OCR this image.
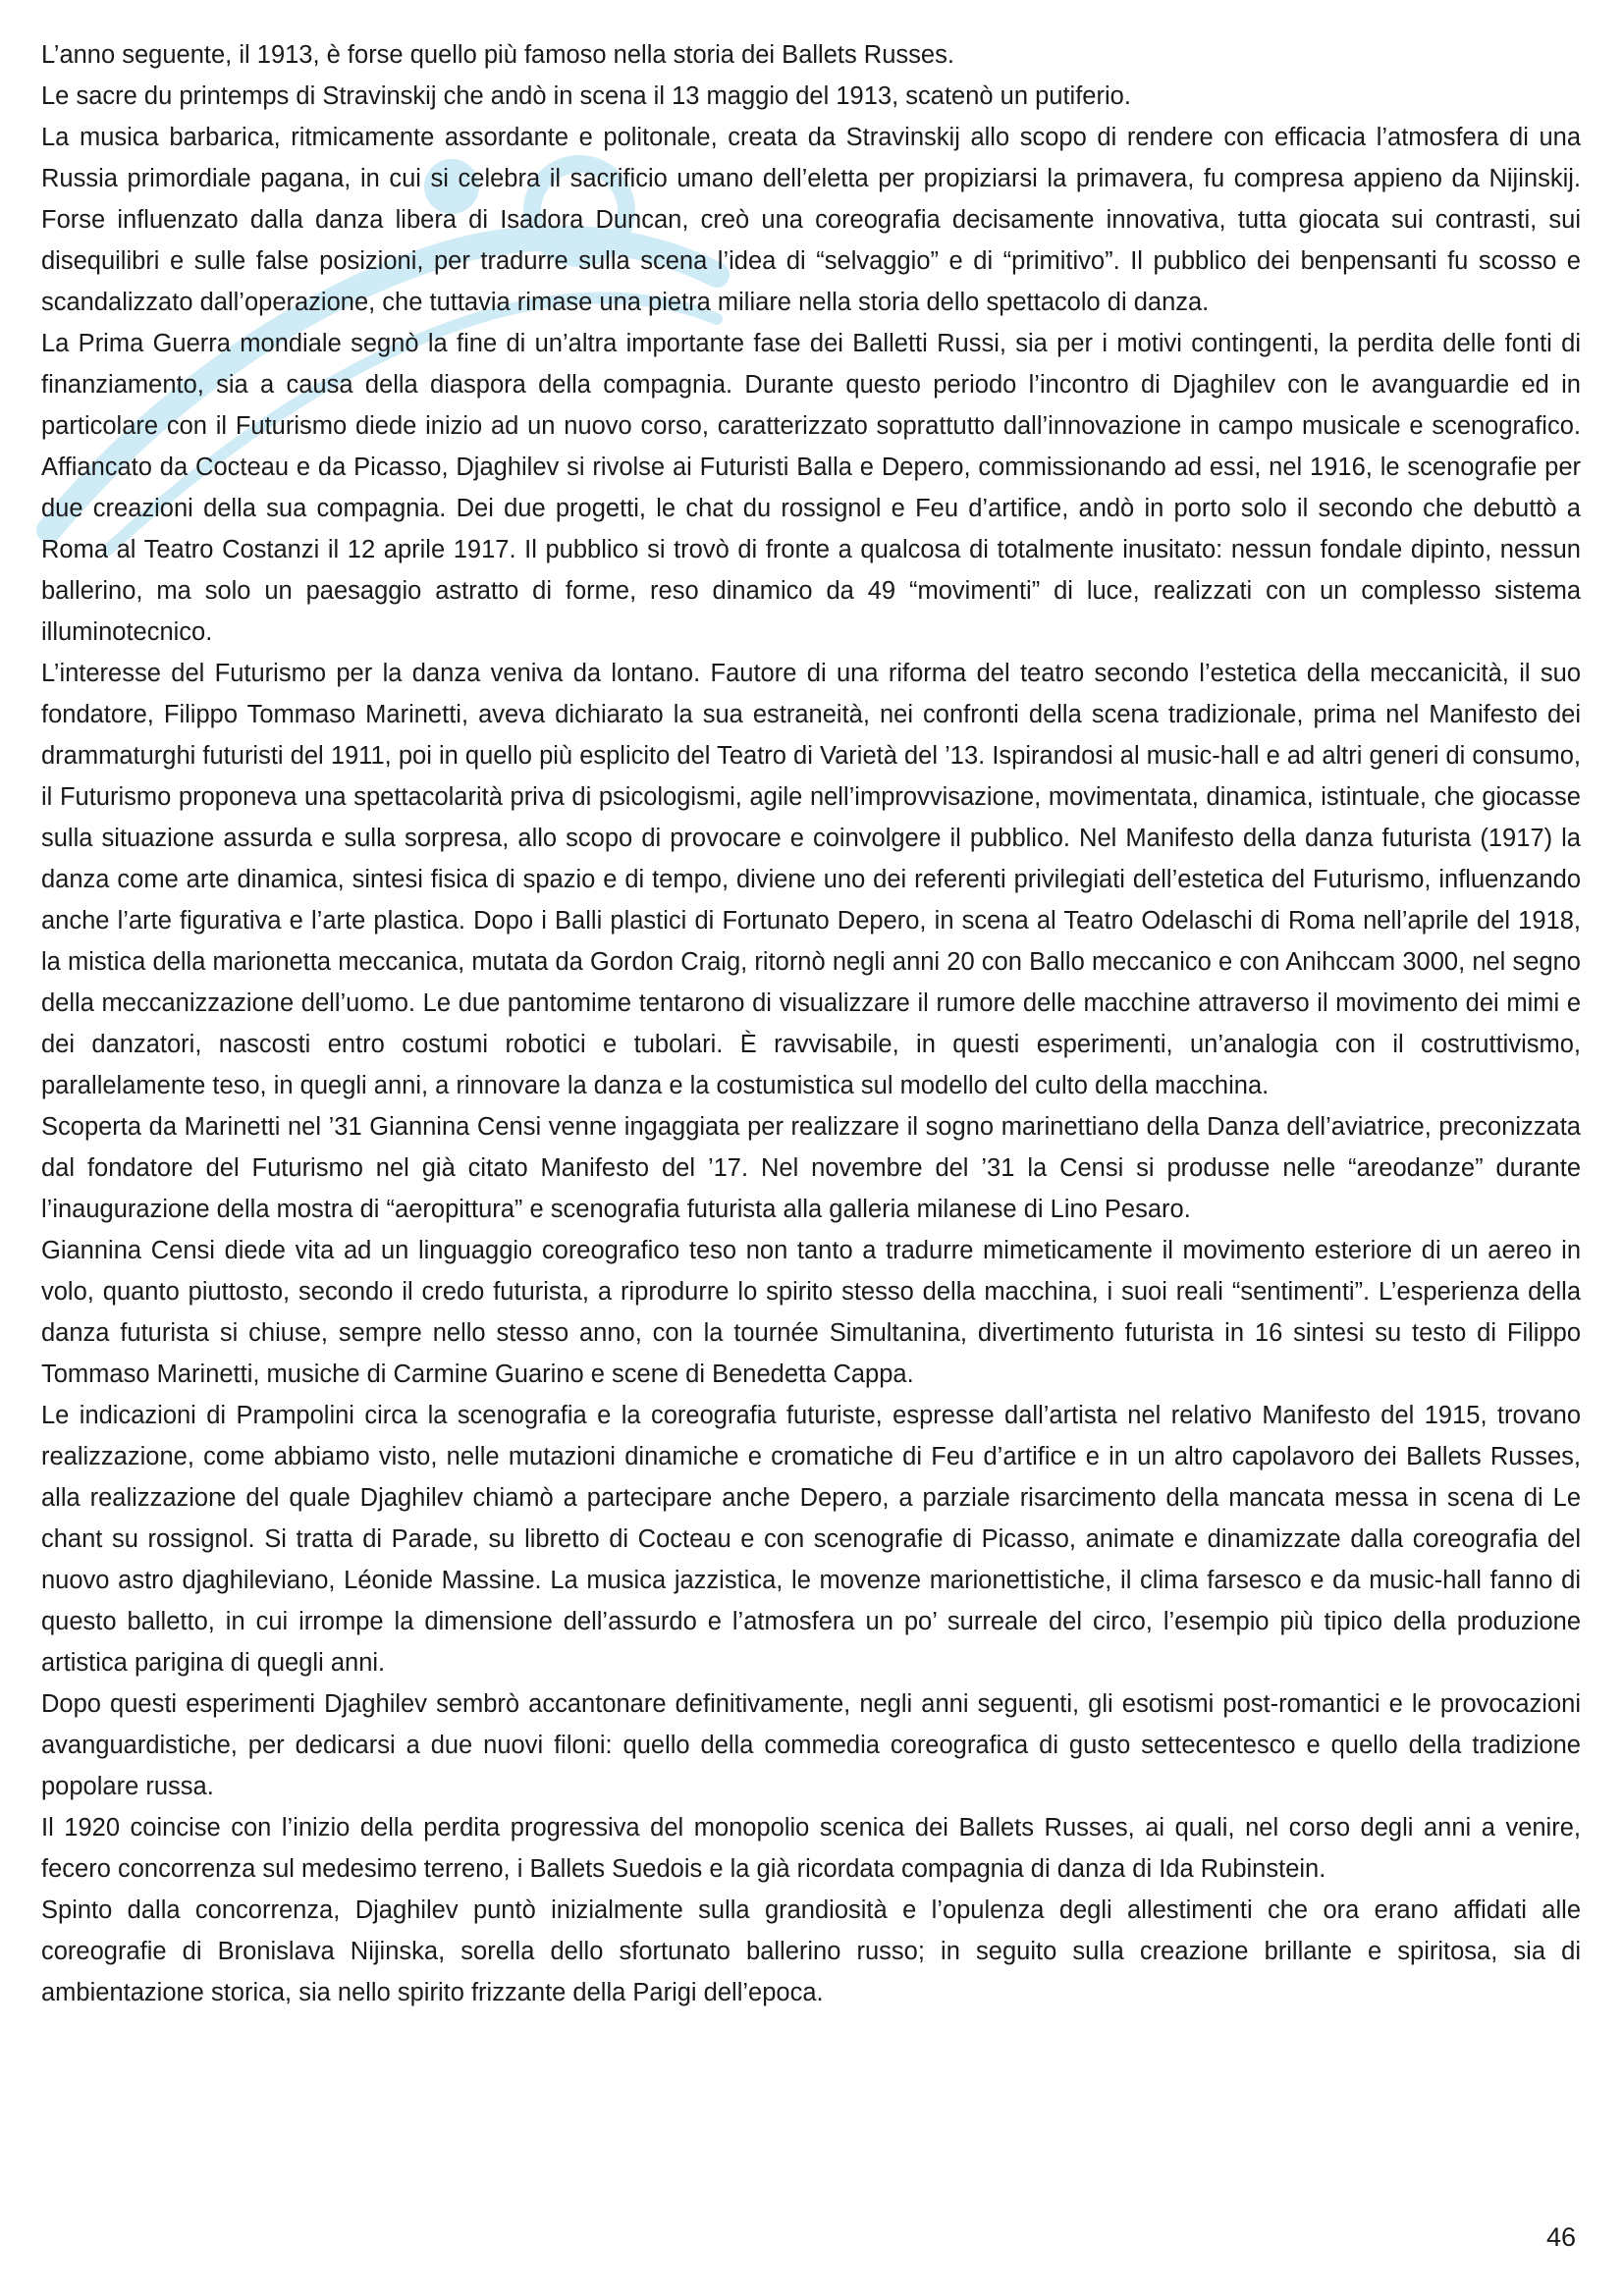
L’anno seguente, il 1913, è forse quello più famoso nella storia dei Ballets Russes.

Le sacre du printemps di Stravinskij che andò in scena il 13 maggio del 1913, scatenò un putiferio.

La musica barbarica, ritmicamente assordante e politonale, creata da Stravinskij allo scopo di rendere con efficacia l’atmosfera di una Russia primordiale pagana, in cui si celebra il sacrificio umano dell’eletta per propiziarsi la primavera, fu compresa appieno da Nijinskij. Forse influenzato dalla danza libera di Isadora Duncan, creò una coreografia decisamente innovativa, tutta giocata sui contrasti, sui disequilibri e sulle false posizioni, per tradurre sulla scena l’idea di “selvaggio” e di “primitivo”. Il pubblico dei benpensanti fu scosso e scandalizzato dall’operazione, che tuttavia rimase una pietra miliare nella storia dello spettacolo di danza.

La Prima Guerra mondiale segnò la fine di un’altra importante fase dei Balletti Russi, sia per i motivi contingenti, la perdita delle fonti di finanziamento, sia a causa della diaspora della compagnia. Durante questo periodo l’incontro di Djaghilev con le avanguardie ed in particolare con il Futurismo diede inizio ad un nuovo corso, caratterizzato soprattutto dall’innovazione in campo musicale e scenografico. Affiancato da Cocteau e da Picasso, Djaghilev si rivolse ai Futuristi Balla e Depero, commissionando ad essi, nel 1916, le scenografie per due creazioni della sua compagnia. Dei due progetti, le chat du rossignol e Feu d’artifice, andò in porto solo il secondo che debuttò a Roma al Teatro Costanzi il 12 aprile 1917. Il pubblico si trovò di fronte a qualcosa di totalmente inusitato: nessun fondale dipinto, nessun ballerino, ma solo un paesaggio astratto di forme, reso dinamico da 49 “movimenti” di luce, realizzati con un complesso sistema illuminotecnico.

L’interesse del Futurismo per la danza veniva da lontano. Fautore di una riforma del teatro secondo l’estetica della meccanicità, il suo fondatore, Filippo Tommaso Marinetti, aveva dichiarato la sua estraneità, nei confronti della scena tradizionale, prima nel Manifesto dei drammaturghi futuristi del 1911, poi in quello più esplicito del Teatro di Varietà del ’13. Ispirandosi al music-hall e ad altri generi di consumo, il Futurismo proponeva una spettacolarità priva di psicologismi, agile nell’improvvisazione, movimentata, dinamica, istintuale, che giocasse sulla situazione assurda e sulla sorpresa, allo scopo di provocare e coinvolgere il pubblico. Nel Manifesto della danza futurista (1917) la danza come arte dinamica, sintesi fisica di spazio e di tempo, diviene uno dei referenti privilegiati dell’estetica del Futurismo, influenzando anche l’arte figurativa e l’arte plastica. Dopo i Balli plastici di Fortunato Depero, in scena al Teatro Odelaschi di Roma nell’aprile del 1918, la mistica della marionetta meccanica, mutata da Gordon Craig, ritornò negli anni 20 con Ballo meccanico e con Anihccam 3000, nel segno della meccanizzazione dell’uomo. Le due pantomime tentarono di visualizzare il rumore delle macchine attraverso il movimento dei mimi e dei danzatori, nascosti entro costumi robotici e tubolari. È ravvisabile, in questi esperimenti, un’analogia con il costruttivismo, parallelamente teso, in quegli anni, a rinnovare la danza e la costumistica sul modello del culto della macchina.

Scoperta da Marinetti nel ’31 Giannina Censi venne ingaggiata per realizzare il sogno marinettiano della Danza dell’aviatrice, preconizzata dal fondatore del Futurismo nel già citato Manifesto del ’17. Nel novembre del ’31 la Censi si produsse nelle “areodanze” durante l’inaugurazione della mostra di “aeropittura” e scenografia futurista alla galleria milanese di Lino Pesaro.

Giannina Censi diede vita ad un linguaggio coreografico teso non tanto a tradurre mimeticamente il movimento esteriore di un aereo in volo, quanto piuttosto, secondo il credo futurista, a riprodurre lo spirito stesso della macchina, i suoi reali “sentimenti”. L’esperienza della danza futurista si chiuse, sempre nello stesso anno, con la tournée Simultanina, divertimento futurista in 16 sintesi su testo di Filippo Tommaso Marinetti, musiche di Carmine Guarino e scene di Benedetta Cappa.

Le indicazioni di Prampolini circa la scenografia e la coreografia futuriste, espresse dall’artista nel relativo Manifesto del 1915, trovano realizzazione, come abbiamo visto, nelle mutazioni dinamiche e cromatiche di Feu d’artifice e in un altro capolavoro dei Ballets Russes, alla realizzazione del quale Djaghilev chiamò a partecipare anche Depero, a parziale risarcimento della mancata messa in scena di Le chant su rossignol. Si tratta di Parade, su libretto di Cocteau e con scenografie di Picasso, animate e dinamizzate dalla coreografia del nuovo astro djaghileviano, Léonide Massine. La musica jazzistica, le movenze marionettistiche, il clima farsesco e da music-hall fanno di questo balletto, in cui irrompe la dimensione dell’assurdo e l’atmosfera un po’ surreale del circo, l’esempio più tipico della produzione artistica parigina di quegli anni.

Dopo questi esperimenti Djaghilev sembrò accantonare definitivamente, negli anni seguenti, gli esotismi post-romantici e le provocazioni avanguardistiche, per dedicarsi a due nuovi filoni: quello della commedia coreografica di gusto settecentesco e quello della tradizione popolare russa.

Il 1920 coincise con l’inizio della perdita progressiva del monopolio scenica dei Ballets Russes, ai quali, nel corso degli anni a venire, fecero concorrenza sul medesimo terreno, i Ballets Suedois e la già ricordata compagnia di danza di Ida Rubinstein.

Spinto dalla concorrenza, Djaghilev puntò inizialmente sulla grandiosità e l’opulenza degli allestimenti che ora erano affidati alle coreografie di Bronislava Nijinska, sorella dello sfortunato ballerino russo; in seguito sulla creazione brillante e spiritosa, sia di ambientazione storica, sia nello spirito frizzante della Parigi dell’epoca.

46
